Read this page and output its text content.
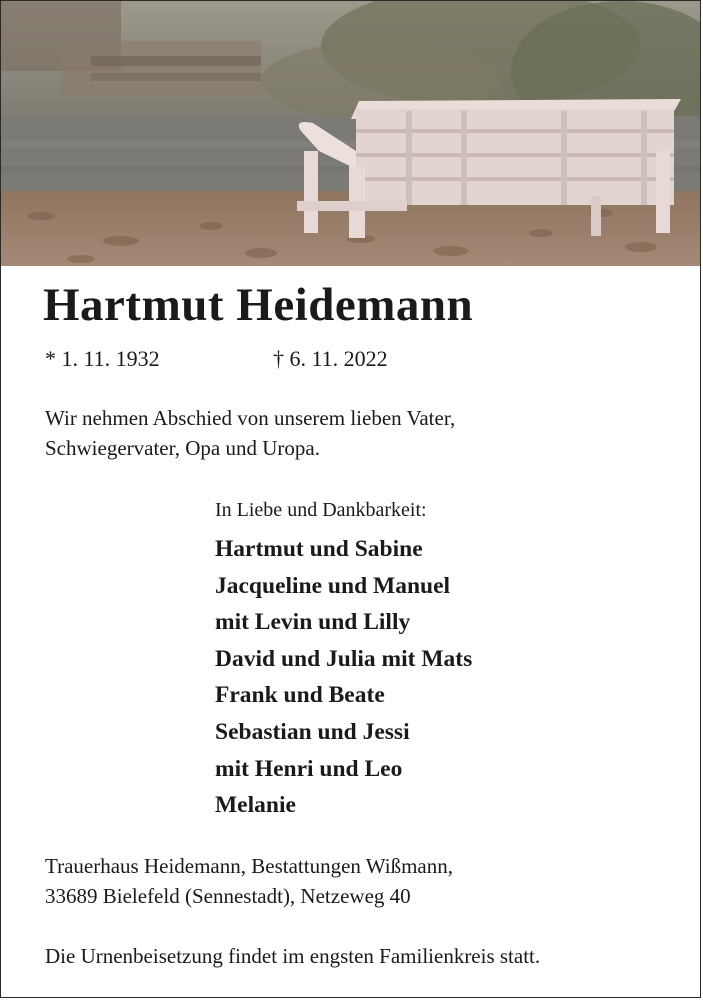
Hartmut Heidemann
* 1. 11. 1932	† 6. 11. 2022
Wir nehmen Abschied von unserem lieben Vater,
Schwiegervater, Opa und Uropa.
In Liebe und Dankbarkeit:
Hartmut und Sabine
Jacqueline und Manuel
mit Levin und Lilly
David und Julia mit Mats
Frank und Beate
Sebastian und Jessi
mit Henri und Leo
Melanie
Trauerhaus Heidemann, Bestattungen Wißmann,
33689 Bielefeld (Sennestadt), Netzeweg 40
Die Urnenbeisetzung findet im engsten Familienkreis statt.
